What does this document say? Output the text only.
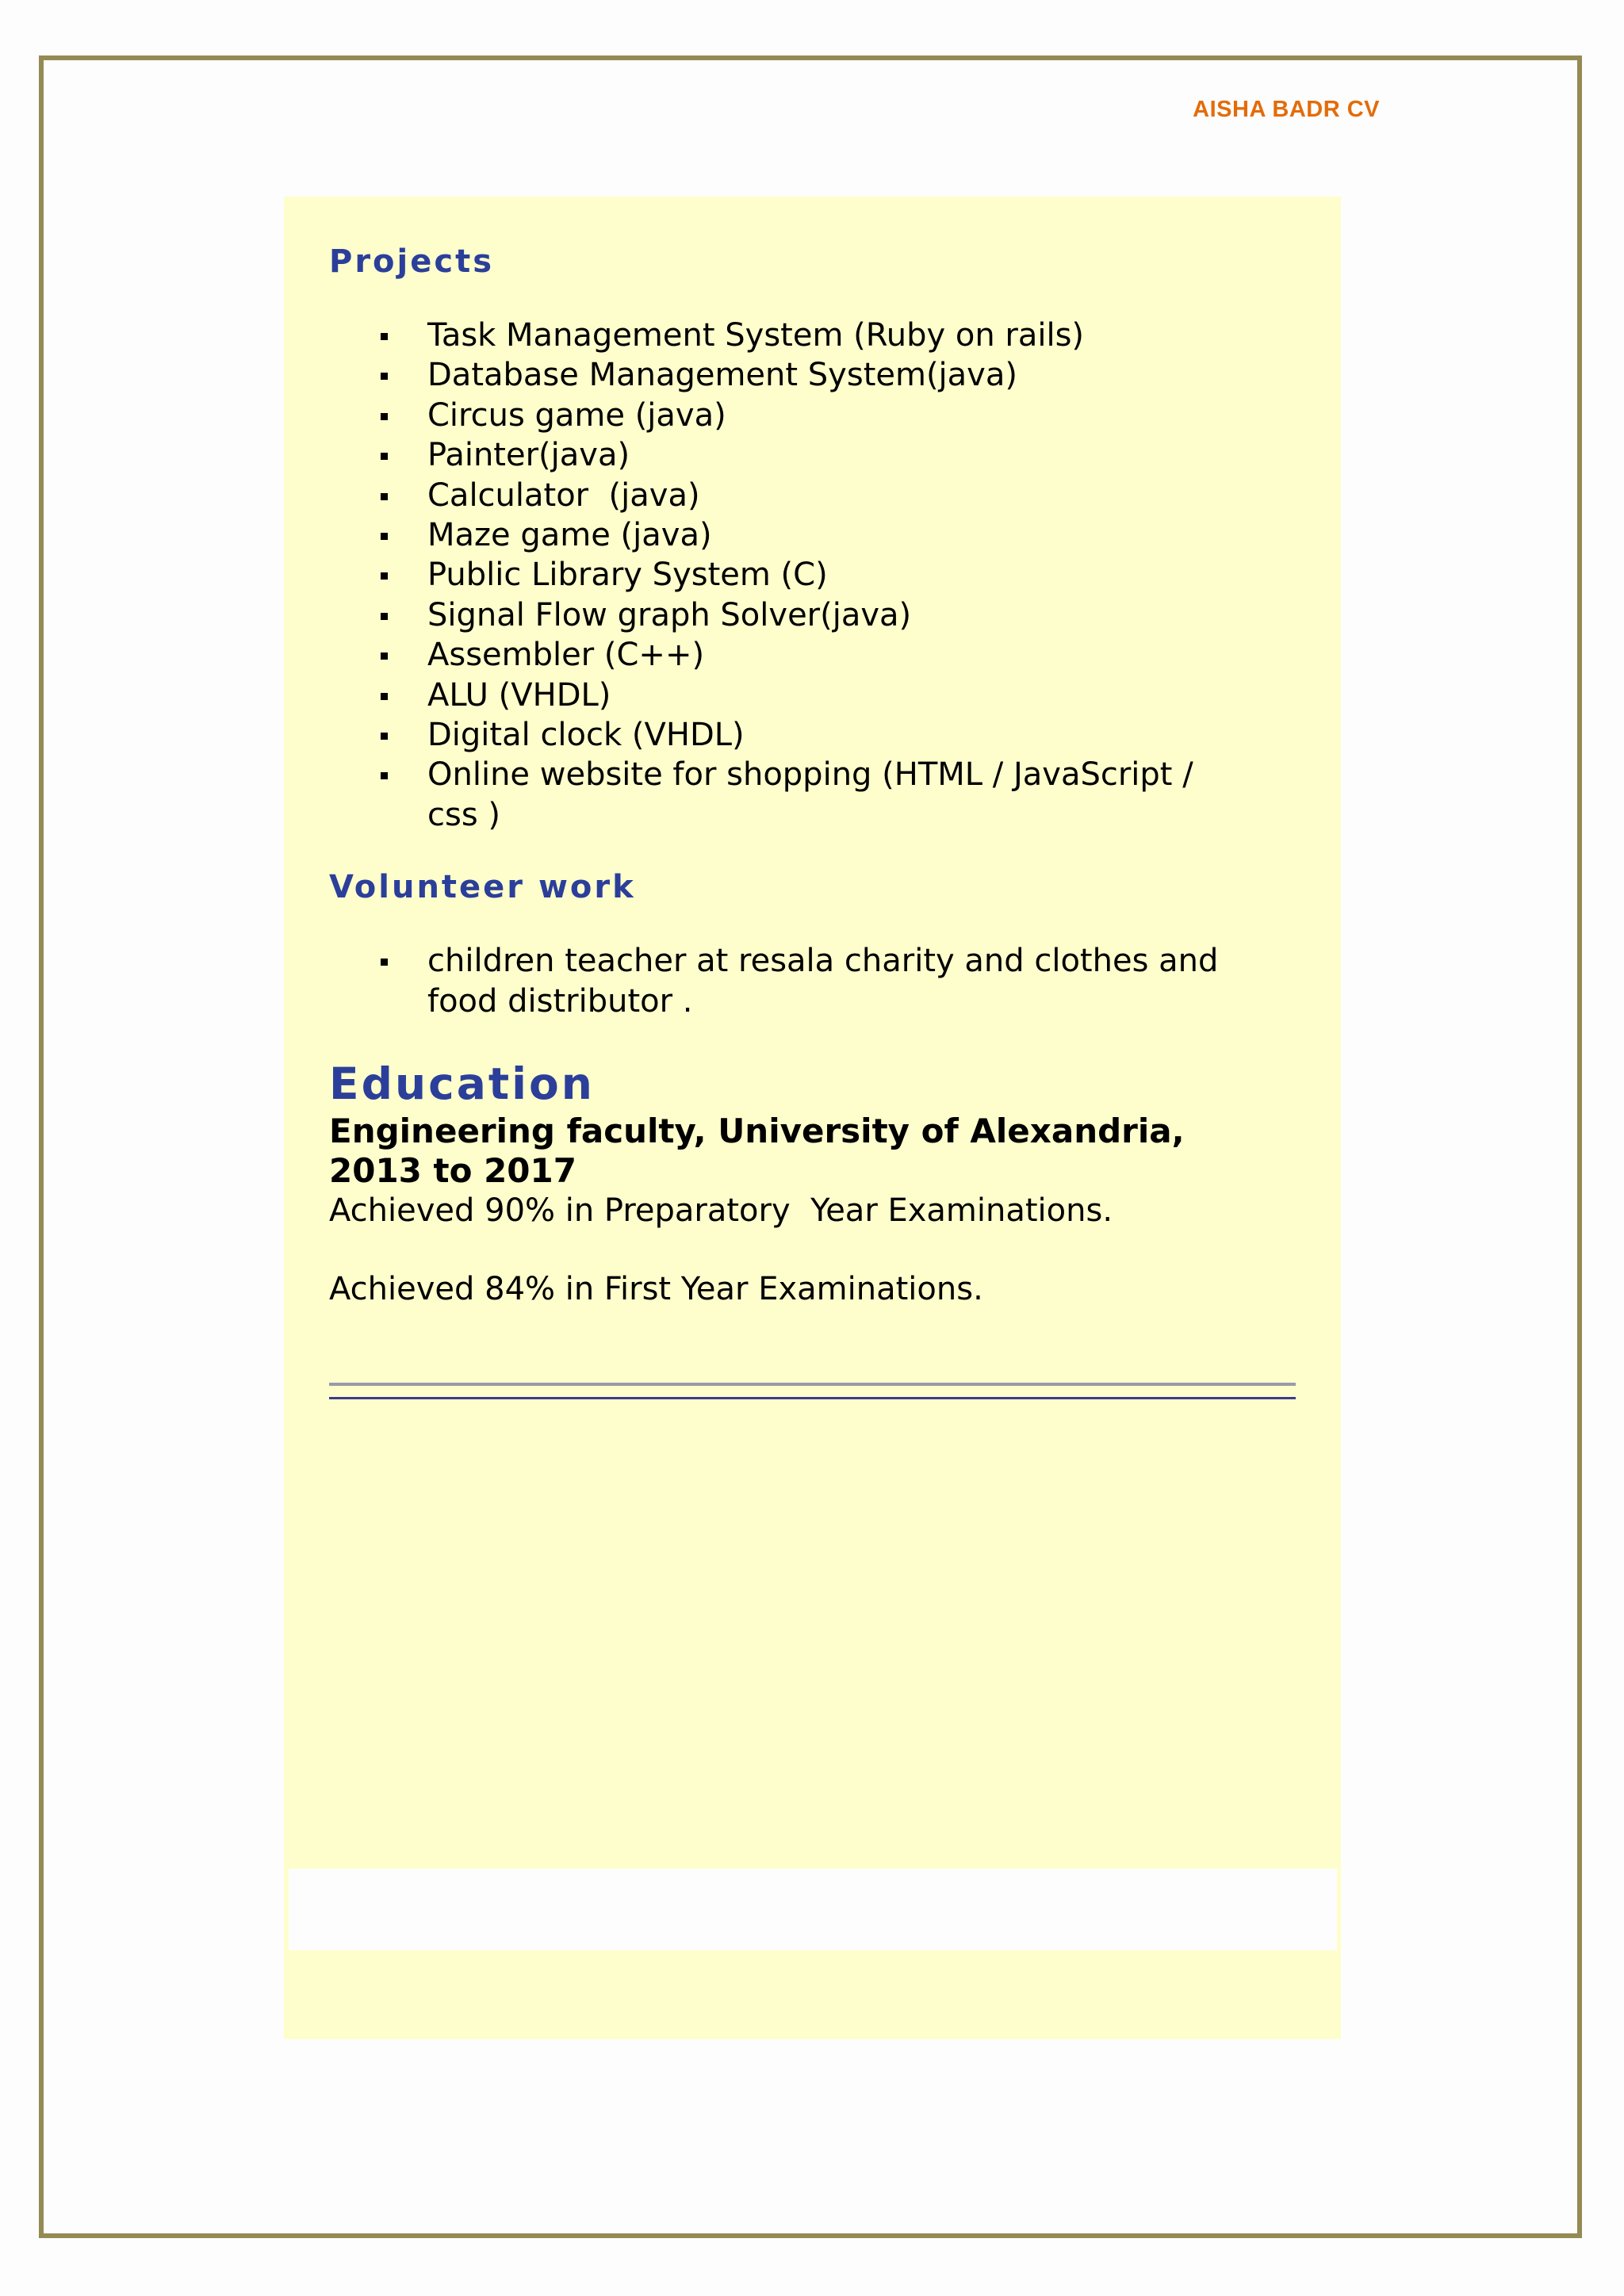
AISHA BADR CV
Projects
Task Management System (Ruby on rails)
Database Management System(java)
Circus game (java)
Painter(java)
Calculator  (java)
Maze game (java)
Public Library System (C)
Signal Flow graph Solver(java)
Assembler (C++)
ALU (VHDL)
Digital clock (VHDL)
Online website for shopping (HTML / JavaScript / css )
Volunteer work
children teacher at resala charity and clothes and food distributor .
Education

Engineering faculty, University of Alexandria, 2013 to 2017

Achieved 90% in Preparatory  Year Examinations.

Achieved 84% in First Year Examinations.
